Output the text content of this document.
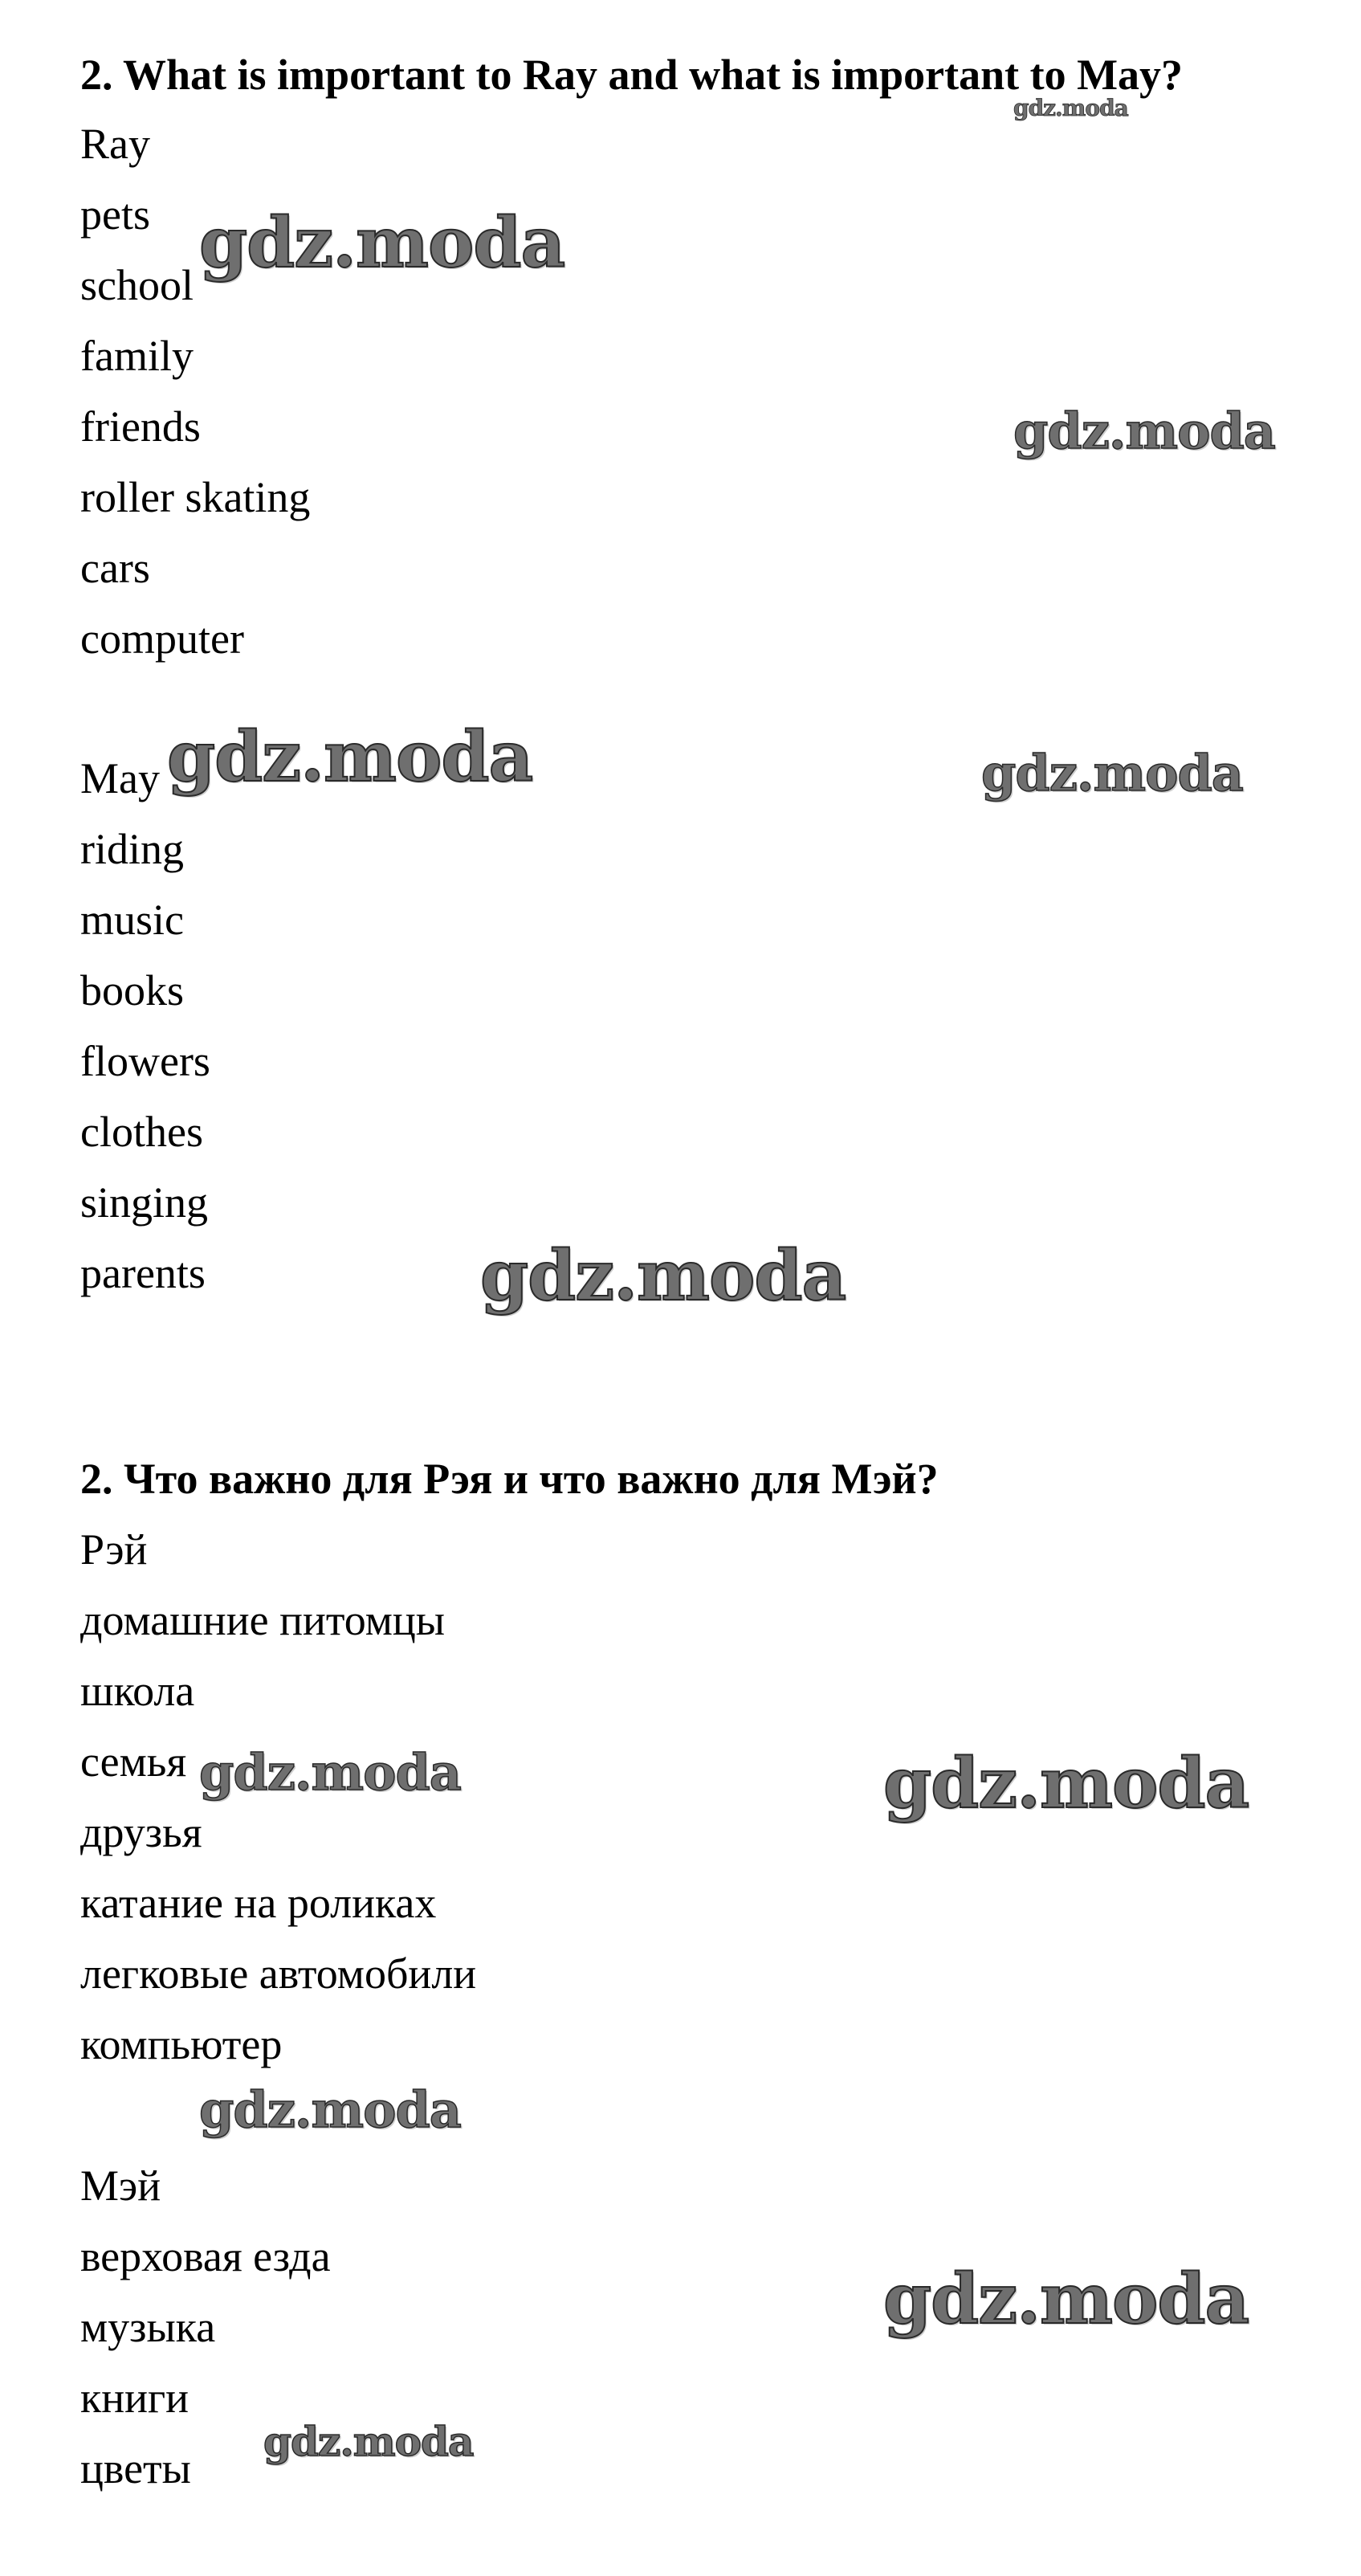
2. What is important to Ray and what is important to May?
Ray
pets
school
family
friends
roller skating
cars
computer
May
riding
music
books
flowers
clothes
singing
parents
2. Что важно для Рэя и что важно для Мэй?
Рэй
домашние питомцы
школа
семья
друзья
катание на роликах
легковые автомобили
компьютер
Мэй
верховая езда
музыка
книги
цветы
gdz.moda
gdz.moda
gdz.moda
gdz.moda	gdz.moda
gdz.moda
gdz.moda	gdz.moda
gdz.moda
gdz.moda
gdz.moda
